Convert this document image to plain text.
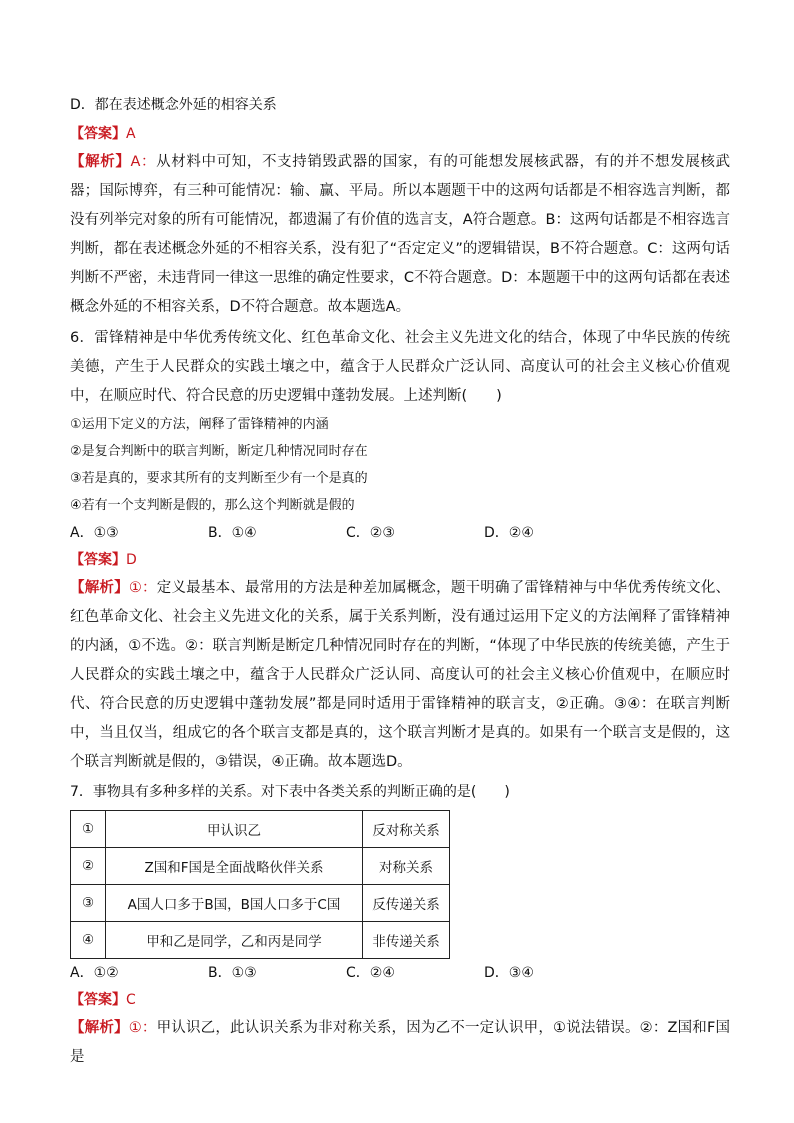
D．都在表述概念外延的相容关系
【答案】A
【解析】A：从材料中可知，不支持销毁武器的国家，有的可能想发展核武器，有的并不想发展核武器；国际博弈，有三种可能情况：输、赢、平局。所以本题题干中的这两句话都是不相容选言判断，都没有列举完对象的所有可能情况，都遗漏了有价值的选言支，A符合题意。B：这两句话都是不相容选言判断，都在表述概念外延的不相容关系，没有犯了“否定定义”的逻辑错误，B不符合题意。C：这两句话判断不严密，未违背同一律这一思维的确定性要求，C不符合题意。D：本题题干中的这两句话都在表述概念外延的不相容关系，D不符合题意。故本题选A。
6．雷锋精神是中华优秀传统文化、红色革命文化、社会主义先进文化的结合，体现了中华民族的传统美德，产生于人民群众的实践土壤之中，蕴含于人民群众广泛认同、高度认可的社会主义核心价值观中，在顺应时代、符合民意的历史逻辑中蓬勃发展。上述判断(　　)
①运用下定义的方法，阐释了雷锋精神的内涵
②是复合判断中的联言判断，断定几种情况同时存在
③若是真的，要求其所有的支判断至少有一个是真的
④若有一个支判断是假的，那么这个判断就是假的
A．①③	B．①④	C．②③	D．②④
【答案】D
【解析】①：定义最基本、最常用的方法是种差加属概念，题干明确了雷锋精神与中华优秀传统文化、红色革命文化、社会主义先进文化的关系，属于关系判断，没有通过运用下定义的方法阐释了雷锋精神的内涵，①不选。②：联言判断是断定几种情况同时存在的判断，“体现了中华民族的传统美德，产生于人民群众的实践土壤之中，蕴含于人民群众广泛认同、高度认可的社会主义核心价值观中，在顺应时代、符合民意的历史逻辑中蓬勃发展”都是同时适用于雷锋精神的联言支，②正确。③④：在联言判断中，当且仅当，组成它的各个联言支都是真的，这个联言判断才是真的。如果有一个联言支是假的，这个联言判断就是假的，③错误，④正确。故本题选D。
7．事物具有多种多样的关系。对下表中各类关系的判断正确的是(　　)
①	甲认识乙	反对称关系
②	Z国和F国是全面战略伙伴关系	对称关系
③	A国人口多于B国，B国人口多于C国	反传递关系
④	甲和乙是同学，乙和丙是同学	非传递关系
A．①②	B．①③	C．②④	D．③④
【答案】C
【解析】①：甲认识乙，此认识关系为非对称关系，因为乙不一定认识甲，①说法错误。②：Z国和F国是
